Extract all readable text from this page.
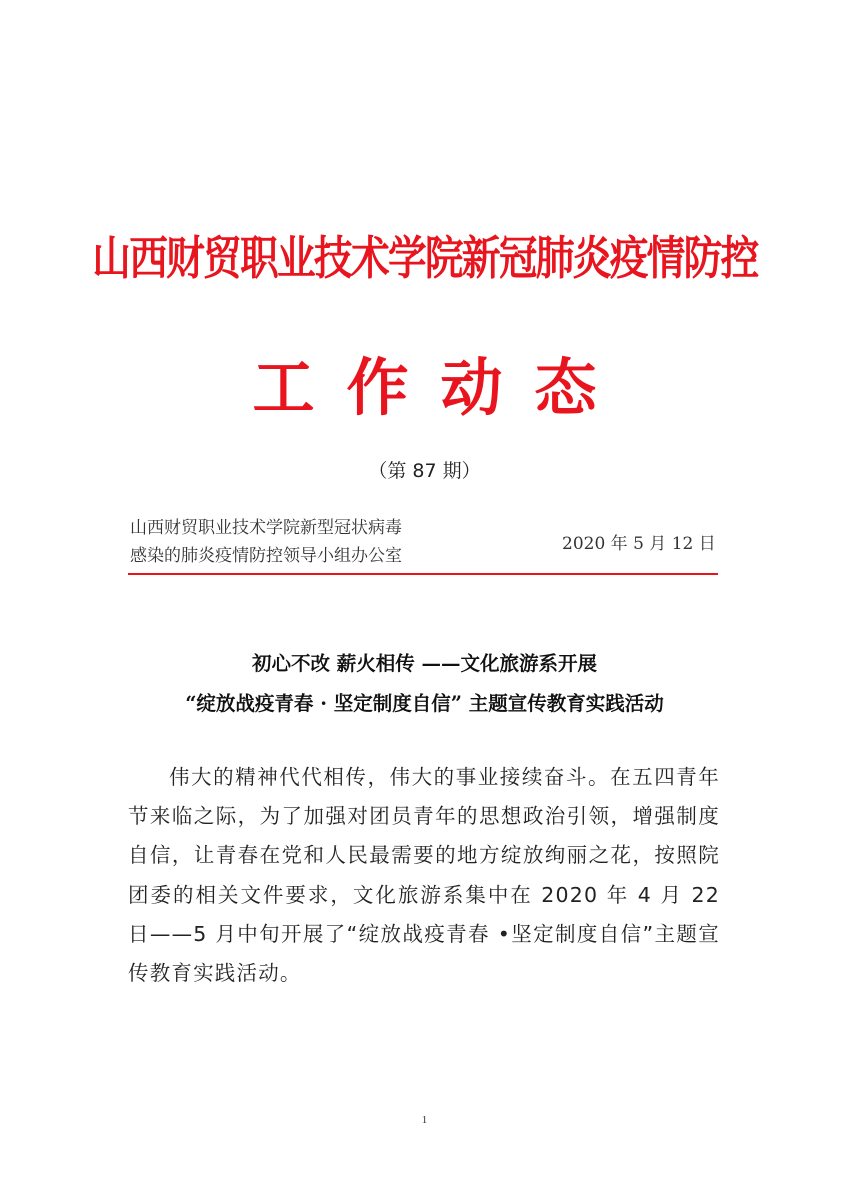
山西财贸职业技术学院新冠肺炎疫情防控
工作动态
（第 87 期）
山西财贸职业技术学院新型冠状病毒
感染的肺炎疫情防控领导小组办公室
2020 年 5 月 12 日
初心不改 薪火相传 ——文化旅游系开展
“绽放战疫青春 · 坚定制度自信” 主题宣传教育实践活动

伟大的精神代代相传，伟大的事业接续奋斗。在五四青年节来临之际，为了加强对团员青年的思想政治引领，增强制度自信，让青春在党和人民最需要的地方绽放绚丽之花，按照院团委的相关文件要求，文化旅游系集中在 2020 年 4 月 22 日——5 月中旬开展了“绽放战疫青春 •坚定制度自信”主题宣传教育实践活动。

1
